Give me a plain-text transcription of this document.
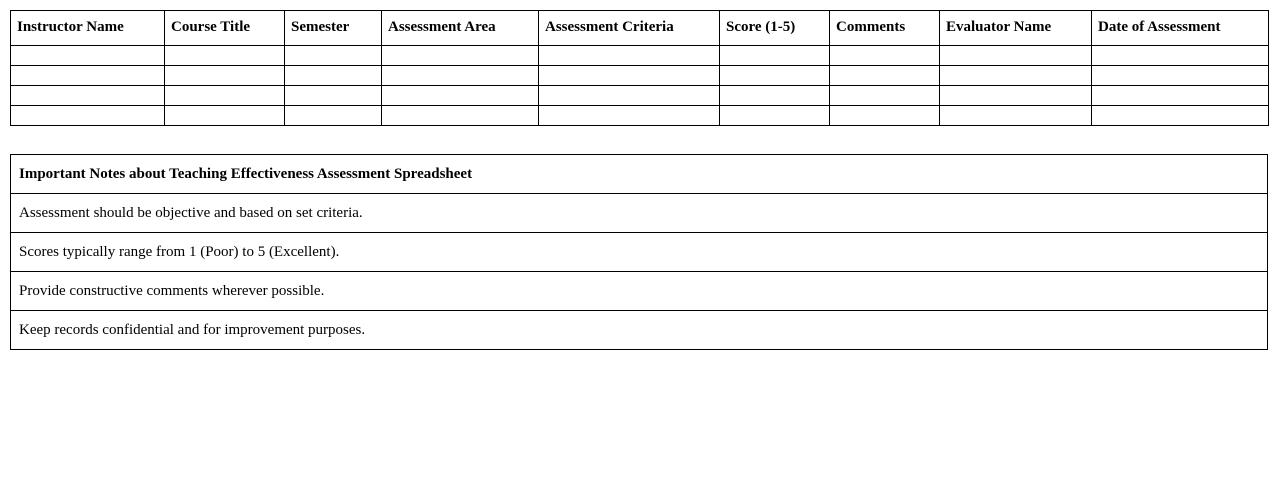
Instructor Name	Course Title	Semester	Assessment Area	Assessment Criteria	Score (1-5)	Comments	Evaluator Name	Date of Assessment

Important Notes about Teaching Effectiveness Assessment Spreadsheet
Assessment should be objective and based on set criteria.
Scores typically range from 1 (Poor) to 5 (Excellent).
Provide constructive comments wherever possible.
Keep records confidential and for improvement purposes.
